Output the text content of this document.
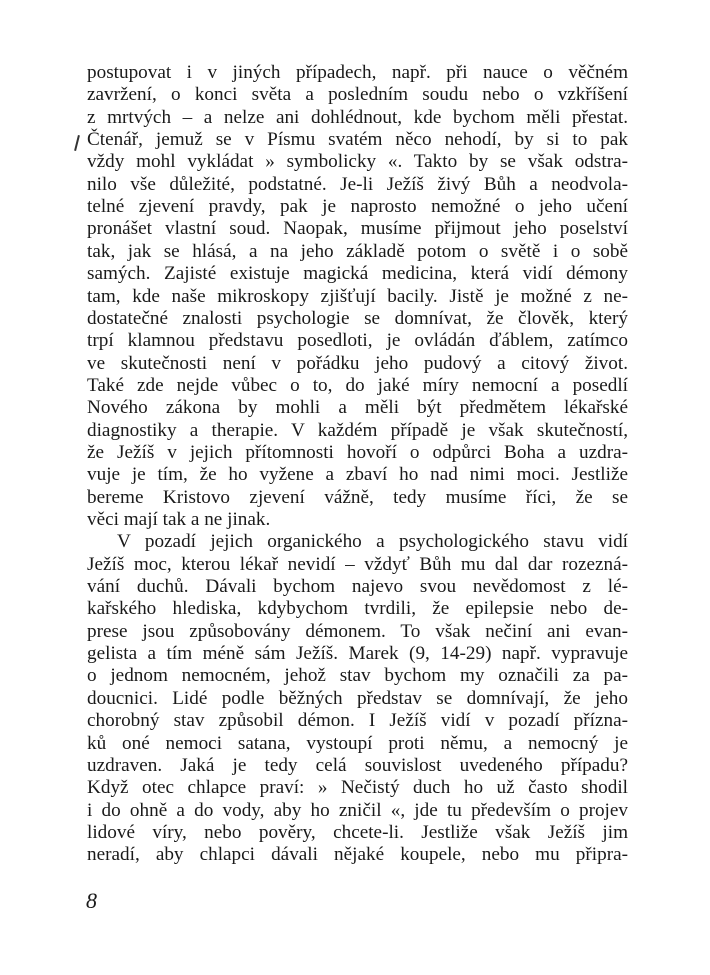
postupovat i v jiných případech, např. při nauce o věčném
zavržení, o konci světa a posledním soudu nebo o vzkříšení
z mrtvých – a nelze ani dohlédnout, kde bychom měli přestat.
Čtenář, jemuž se v Písmu svatém něco nehodí, by si to pak
vždy mohl vykládat » symbolicky «. Takto by se však odstra-
nilo vše důležité, podstatné. Je-li Ježíš živý Bůh a neodvola-
telné zjevení pravdy, pak je naprosto nemožné o jeho učení
pronášet vlastní soud. Naopak, musíme přijmout jeho poselství
tak, jak se hlásá, a na jeho základě potom o světě i o sobě
samých. Zajisté existuje magická medicina, která vidí démony
tam, kde naše mikroskopy zjišťují bacily. Jistě je možné z ne-
dostatečné znalosti psychologie se domnívat, že člověk, který
trpí klamnou představu posedloti, je ovládán ďáblem, zatímco
ve skutečnosti není v pořádku jeho pudový a citový život.
Také zde nejde vůbec o to, do jaké míry nemocní a posedlí
Nového zákona by mohli a měli být předmětem lékařské
diagnostiky a therapie. V každém případě je však skutečností,
že Ježíš v jejich přítomnosti hovoří o odpůrci Boha a uzdra-
vuje je tím, že ho vyžene a zbaví ho nad nimi moci. Jestliže
bereme Kristovo zjevení vážně, tedy musíme říci, že se
věci mají tak a ne jinak.
V pozadí jejich organického a psychologického stavu vidí
Ježíš moc, kterou lékař nevidí – vždyť Bůh mu dal dar rozezná-
vání duchů. Dávali bychom najevo svou nevědomost z lé-
kařského hlediska, kdybychom tvrdili, že epilepsie nebo de-
prese jsou způsobovány démonem. To však nečiní ani evan-
gelista a tím méně sám Ježíš. Marek (9, 14-29) např. vypravuje
o jednom nemocném, jehož stav bychom my označili za pa-
doucnici. Lidé podle běžných představ se domnívají, že jeho
chorobný stav způsobil démon. I Ježíš vidí v pozadí přízna-
ků oné nemoci satana, vystoupí proti němu, a nemocný je
uzdraven. Jaká je tedy celá souvislost uvedeného případu?
Když otec chlapce praví: » Nečistý duch ho už často shodil
i do ohně a do vody, aby ho zničil «, jde tu především o projev
lidové víry, nebo pověry, chcete-li. Jestliže však Ježíš jim
neradí, aby chlapci dávali nějaké koupele, nebo mu připra-
8
